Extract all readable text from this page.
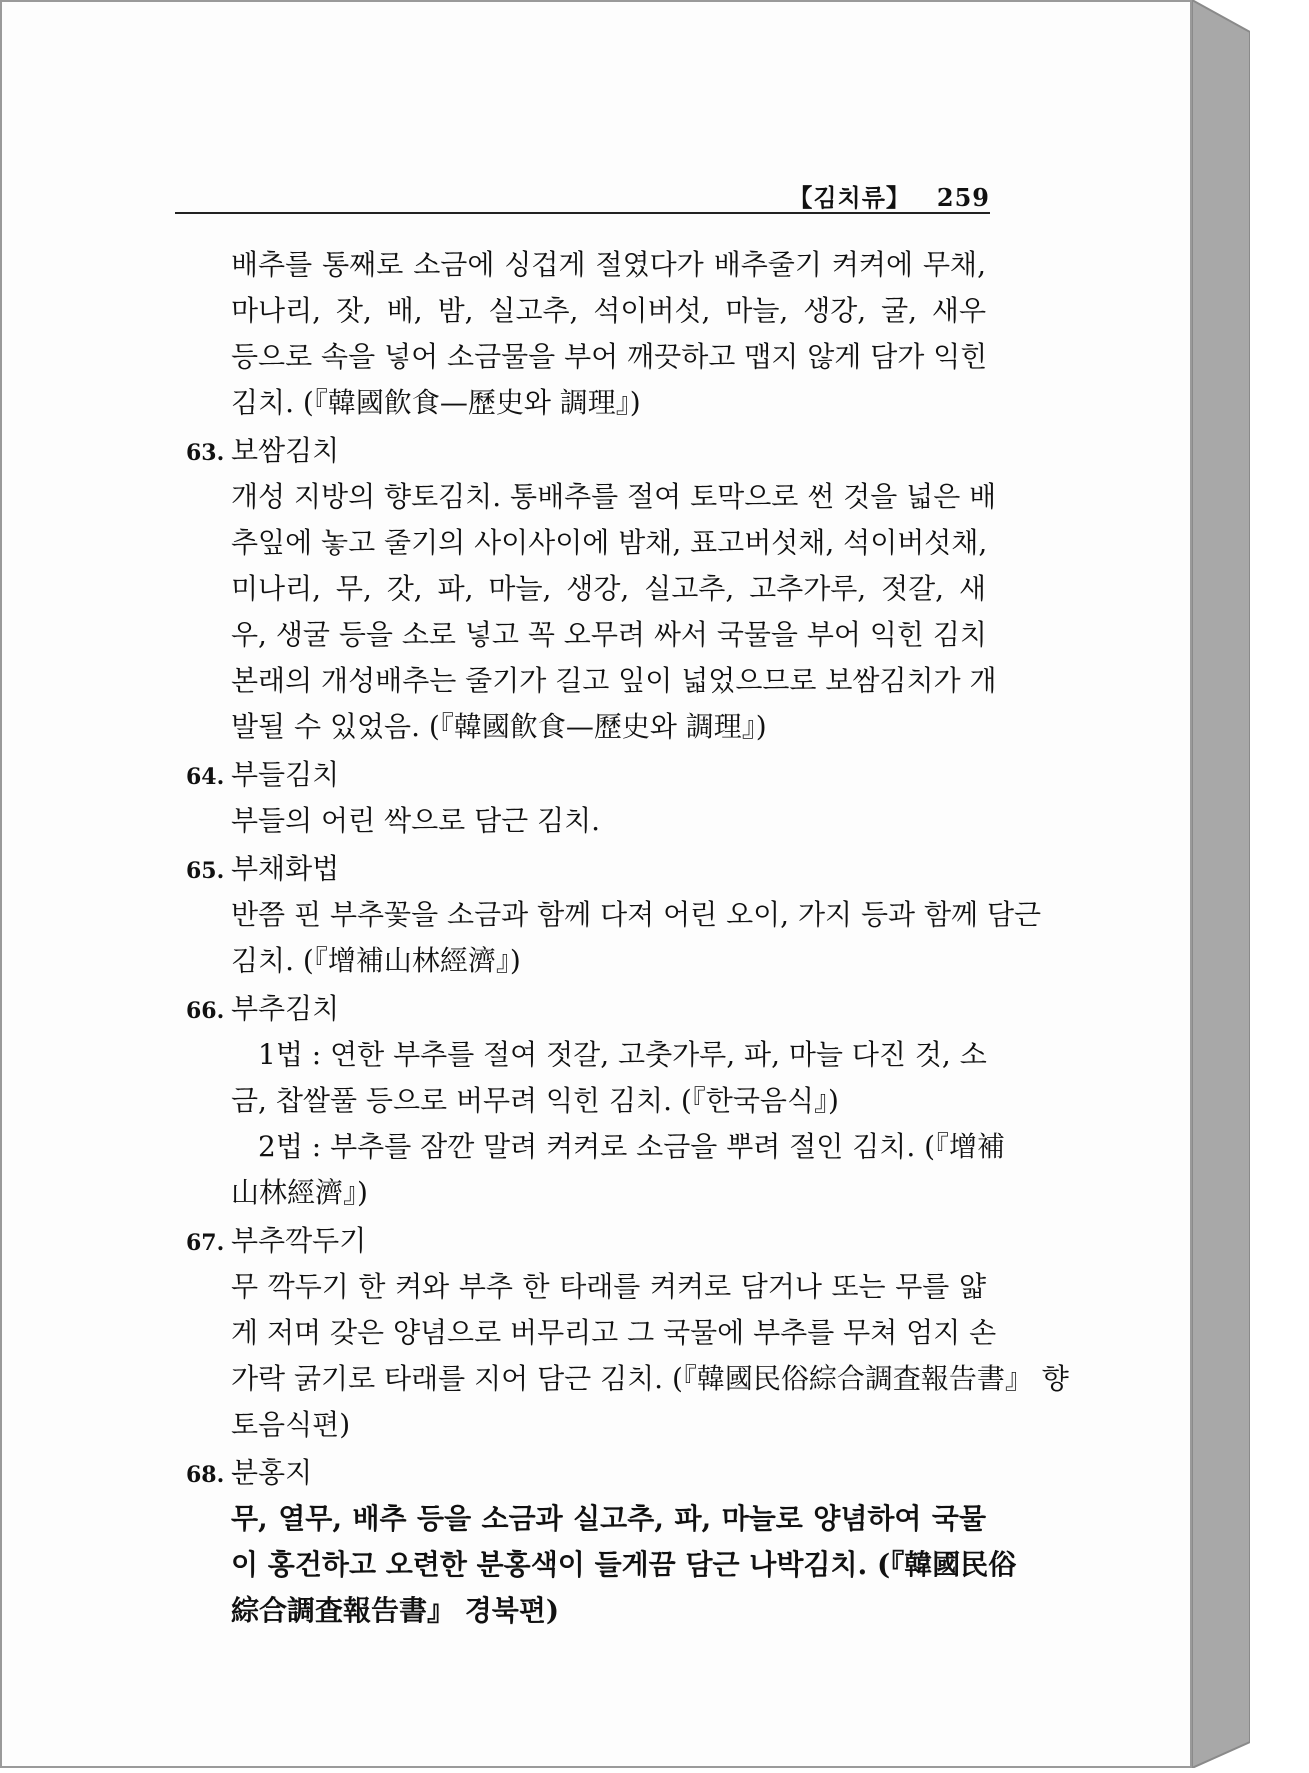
【김치류】 259
배추를 통째로 소금에 싱겁게 절였다가 배추줄기 켜켜에 무채,
마나리, 잣, 배, 밤, 실고추, 석이버섯, 마늘, 생강, 굴, 새우
등으로 속을 넣어 소금물을 부어 깨끗하고 맵지 않게 담가 익힌
김치. (『韓國飮食—歷史와 調理』)
63. 보쌈김치
개성 지방의 향토김치. 통배추를 절여 토막으로 썬 것을 넓은 배
추잎에 놓고 줄기의 사이사이에 밤채, 표고버섯채, 석이버섯채,
미나리, 무, 갓, 파, 마늘, 생강, 실고추, 고추가루, 젓갈, 새
우, 생굴 등을 소로 넣고 꼭 오무려 싸서 국물을 부어 익힌 김치
본래의 개성배추는 줄기가 길고 잎이 넓었으므로 보쌈김치가 개
발될 수 있었음. (『韓國飮食—歷史와 調理』)
64. 부들김치
부들의 어린 싹으로 담근 김치.
65. 부채화법
반쯤 핀 부추꽃을 소금과 함께 다져 어린 오이, 가지 등과 함께 담근
김치. (『增補山林經濟』)
66. 부추김치
1법 : 연한 부추를 절여 젓갈, 고춧가루, 파, 마늘 다진 것, 소
금, 찹쌀풀 등으로 버무려 익힌 김치. (『한국음식』)
2법 : 부추를 잠깐 말려 켜켜로 소금을 뿌려 절인 김치. (『增補
山林經濟』)
67. 부추깍두기
무 깍두기 한 켜와 부추 한 타래를 켜켜로 담거나 또는 무를 얇
게 저며 갖은 양념으로 버무리고 그 국물에 부추를 무쳐 엄지 손
가락 굵기로 타래를 지어 담근 김치. (『韓國民俗綜合調査報告書』 향
토음식편)
68. 분홍지
무, 열무, 배추 등을 소금과 실고추, 파, 마늘로 양념하여 국물
이 홍건하고 오련한 분홍색이 들게끔 담근 나박김치. (『韓國民俗
綜合調査報告書』 경북편)
